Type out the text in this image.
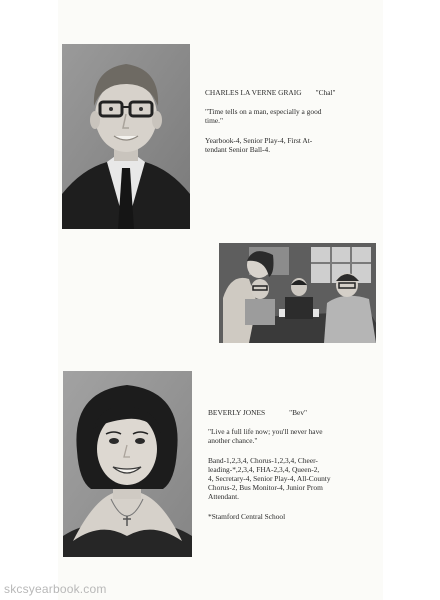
CHARLES LA VERNE GRAIG "Chal"
"Time tells on a man, especially a good
time."
Yearbook-4, Senior Play-4, First At-
tendant Senior Ball-4.
BEVERLY JONES	"Bev"
"Live a full life now; you'll never have
another chance."
Band-1,2,3,4, Chorus-1,2,3,4, Cheer-
leading-*,2,3,4, FHA-2,3,4, Queen-2,
4, Secretary-4, Senior Play-4, All-County
Chorus-2, Bus Monitor-4, Junior Prom
Attendant.
*Stamford Central School
skcsyearbook.com
